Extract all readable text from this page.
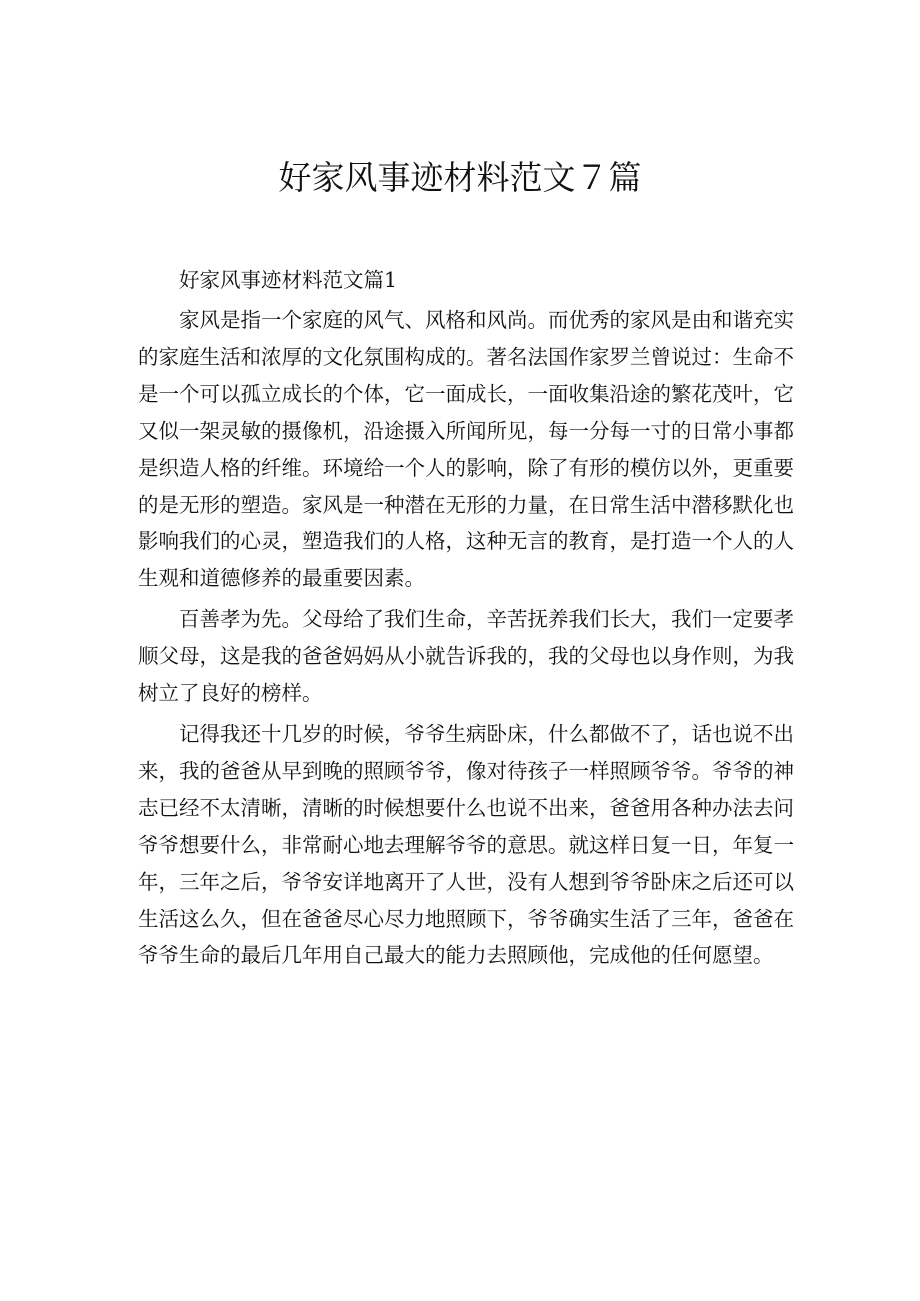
好家风事迹材料范文７篇
好家风事迹材料范文篇1

家风是指一个家庭的风气、风格和风尚。而优秀的家风是由和谐充实的家庭生活和浓厚的文化氛围构成的。著名法国作家罗兰曾说过：生命不是一个可以孤立成长的个体，它一面成长，一面收集沿途的繁花茂叶，它又似一架灵敏的摄像机，沿途摄入所闻所见，每一分每一寸的日常小事都是织造人格的纤维。环境给一个人的影响，除了有形的模仿以外，更重要的是无形的塑造。家风是一种潜在无形的力量，在日常生活中潜移默化也影响我们的心灵，塑造我们的人格，这种无言的教育，是打造一个人的人生观和道德修养的最重要因素。

百善孝为先。父母给了我们生命，辛苦抚养我们长大，我们一定要孝顺父母，这是我的爸爸妈妈从小就告诉我的，我的父母也以身作则，为我树立了良好的榜样。

记得我还十几岁的时候，爷爷生病卧床，什么都做不了，话也说不出来，我的爸爸从早到晚的照顾爷爷，像对待孩子一样照顾爷爷。爷爷的神志已经不太清晰，清晰的时候想要什么也说不出来，爸爸用各种办法去问爷爷想要什么，非常耐心地去理解爷爷的意思。就这样日复一日，年复一年，三年之后，爷爷安详地离开了人世，没有人想到爷爷卧床之后还可以生活这么久，但在爸爸尽心尽力地照顾下，爷爷确实生活了三年，爸爸在爷爷生命的最后几年用自己最大的能力去照顾他，完成他的任何愿望。
